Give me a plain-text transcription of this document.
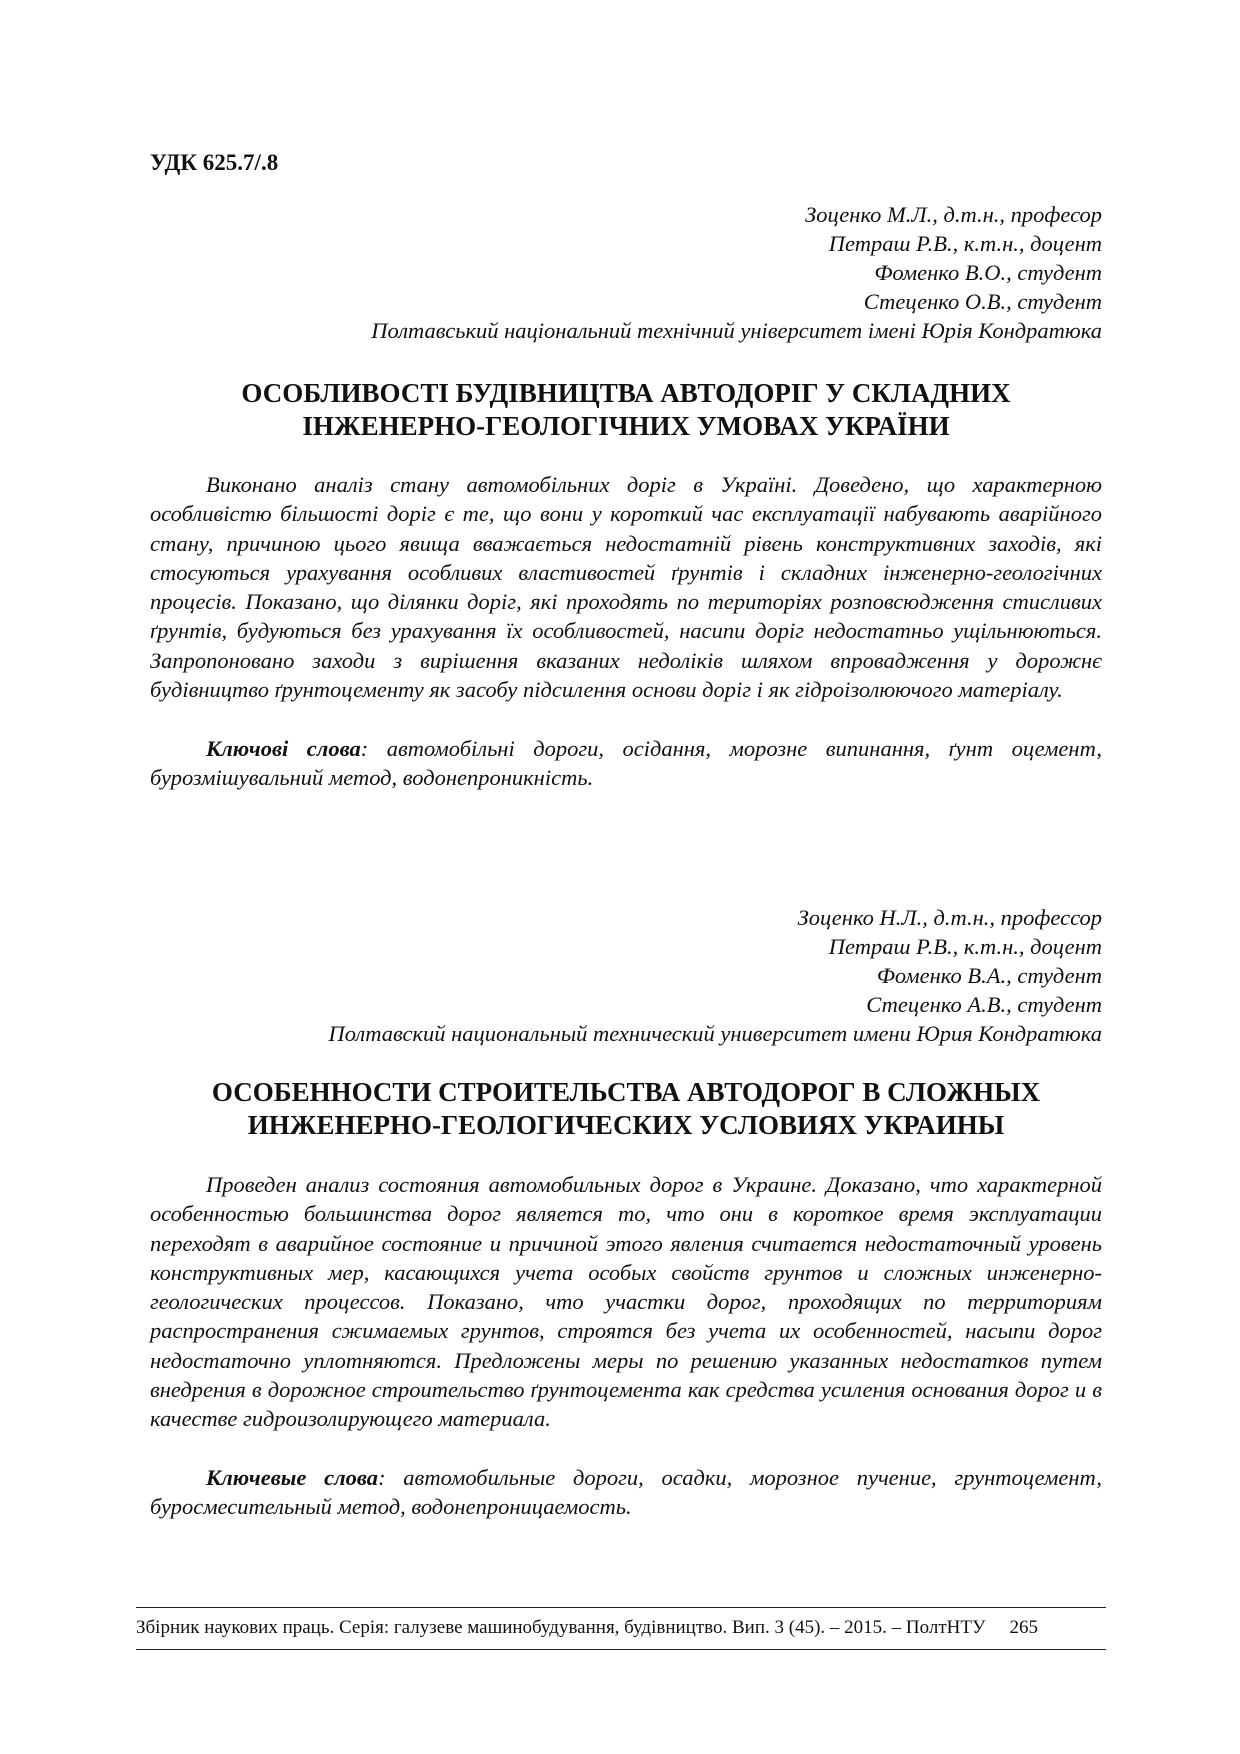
УДК 625.7/.8
Зоценко М.Л., д.т.н., професор
Петраш Р.В., к.т.н., доцент
Фоменко В.О., студент
Стеценко О.В., студент
Полтавський національний технічний університет імені Юрія Кондратюка
ОСОБЛИВОСТІ БУДІВНИЦТВА АВТОДОРІГ У СКЛАДНИХ
ІНЖЕНЕРНО-ГЕОЛОГІЧНИХ УМОВАХ УКРАЇНИ

Виконано аналіз стану автомобільних доріг в Україні. Доведено, що характерною особливістю більшості доріг є те, що вони у короткий час експлуатації набувають аварійного стану, причиною цього явища вважається недостатній рівень конструктивних заходів, які стосуються урахування особливих властивостей ґрунтів і складних інженерно-геологічних процесів. Показано, що ділянки доріг, які проходять по територіях розповсюдження стисливих ґрунтів, будуються без урахування їх особливостей, насипи доріг недостатньо ущільнюються. Запропоновано заходи з вирішення вказаних недоліків шляхом впровадження у дорожнє будівництво ґрунтоцементу як засобу підсилення основи доріг і як гідроізолюючого матеріалу.

Ключові слова: автомобільні дороги, осідання, морозне випинання, ґунт оцемент, бурозмішувальний метод, водонепроникність.

Зоценко Н.Л., д.т.н., профессор
Петраш Р.В., к.т.н., доцент
Фоменко В.А., студент
Стеценко А.В., студент
Полтавский национальный технический университет имени Юрия Кондратюка
ОСОБЕННОСТИ СТРОИТЕЛЬСТВА АВТОДОРОГ В СЛОЖНЫХ
ИНЖЕНЕРНО-ГЕОЛОГИЧЕСКИХ УСЛОВИЯХ УКРАИНЫ

Проведен анализ состояния автомобильных дорог в Украине. Доказано, что характерной особенностью большинства дорог является то, что они в короткое время эксплуатации переходят в аварийное состояние и причиной этого явления считается недостаточный уровень конструктивных мер, касающихся учета особых свойств грунтов и сложных инженерно-геологических процессов. Показано, что участки дорог, проходящих по территориям распространения сжимаемых грунтов, строятся без учета их особенностей, насыпи дорог недостаточно уплотняются. Предложены меры по решению указанных недостатков путем внедрения в дорожное строительство ґрунтоцемента как средства усиления основания дорог и в качестве гидроизолирующего материала.

Ключевые слова: автомобильные дороги, осадки, морозное пучение, грунтоцемент, буросмесительный метод, водонепроницаемость.

Збірник наукових праць. Серія: галузеве машинобудування, будівництво. Вип. 3 (45). – 2015. – ПолтНТУ 265
